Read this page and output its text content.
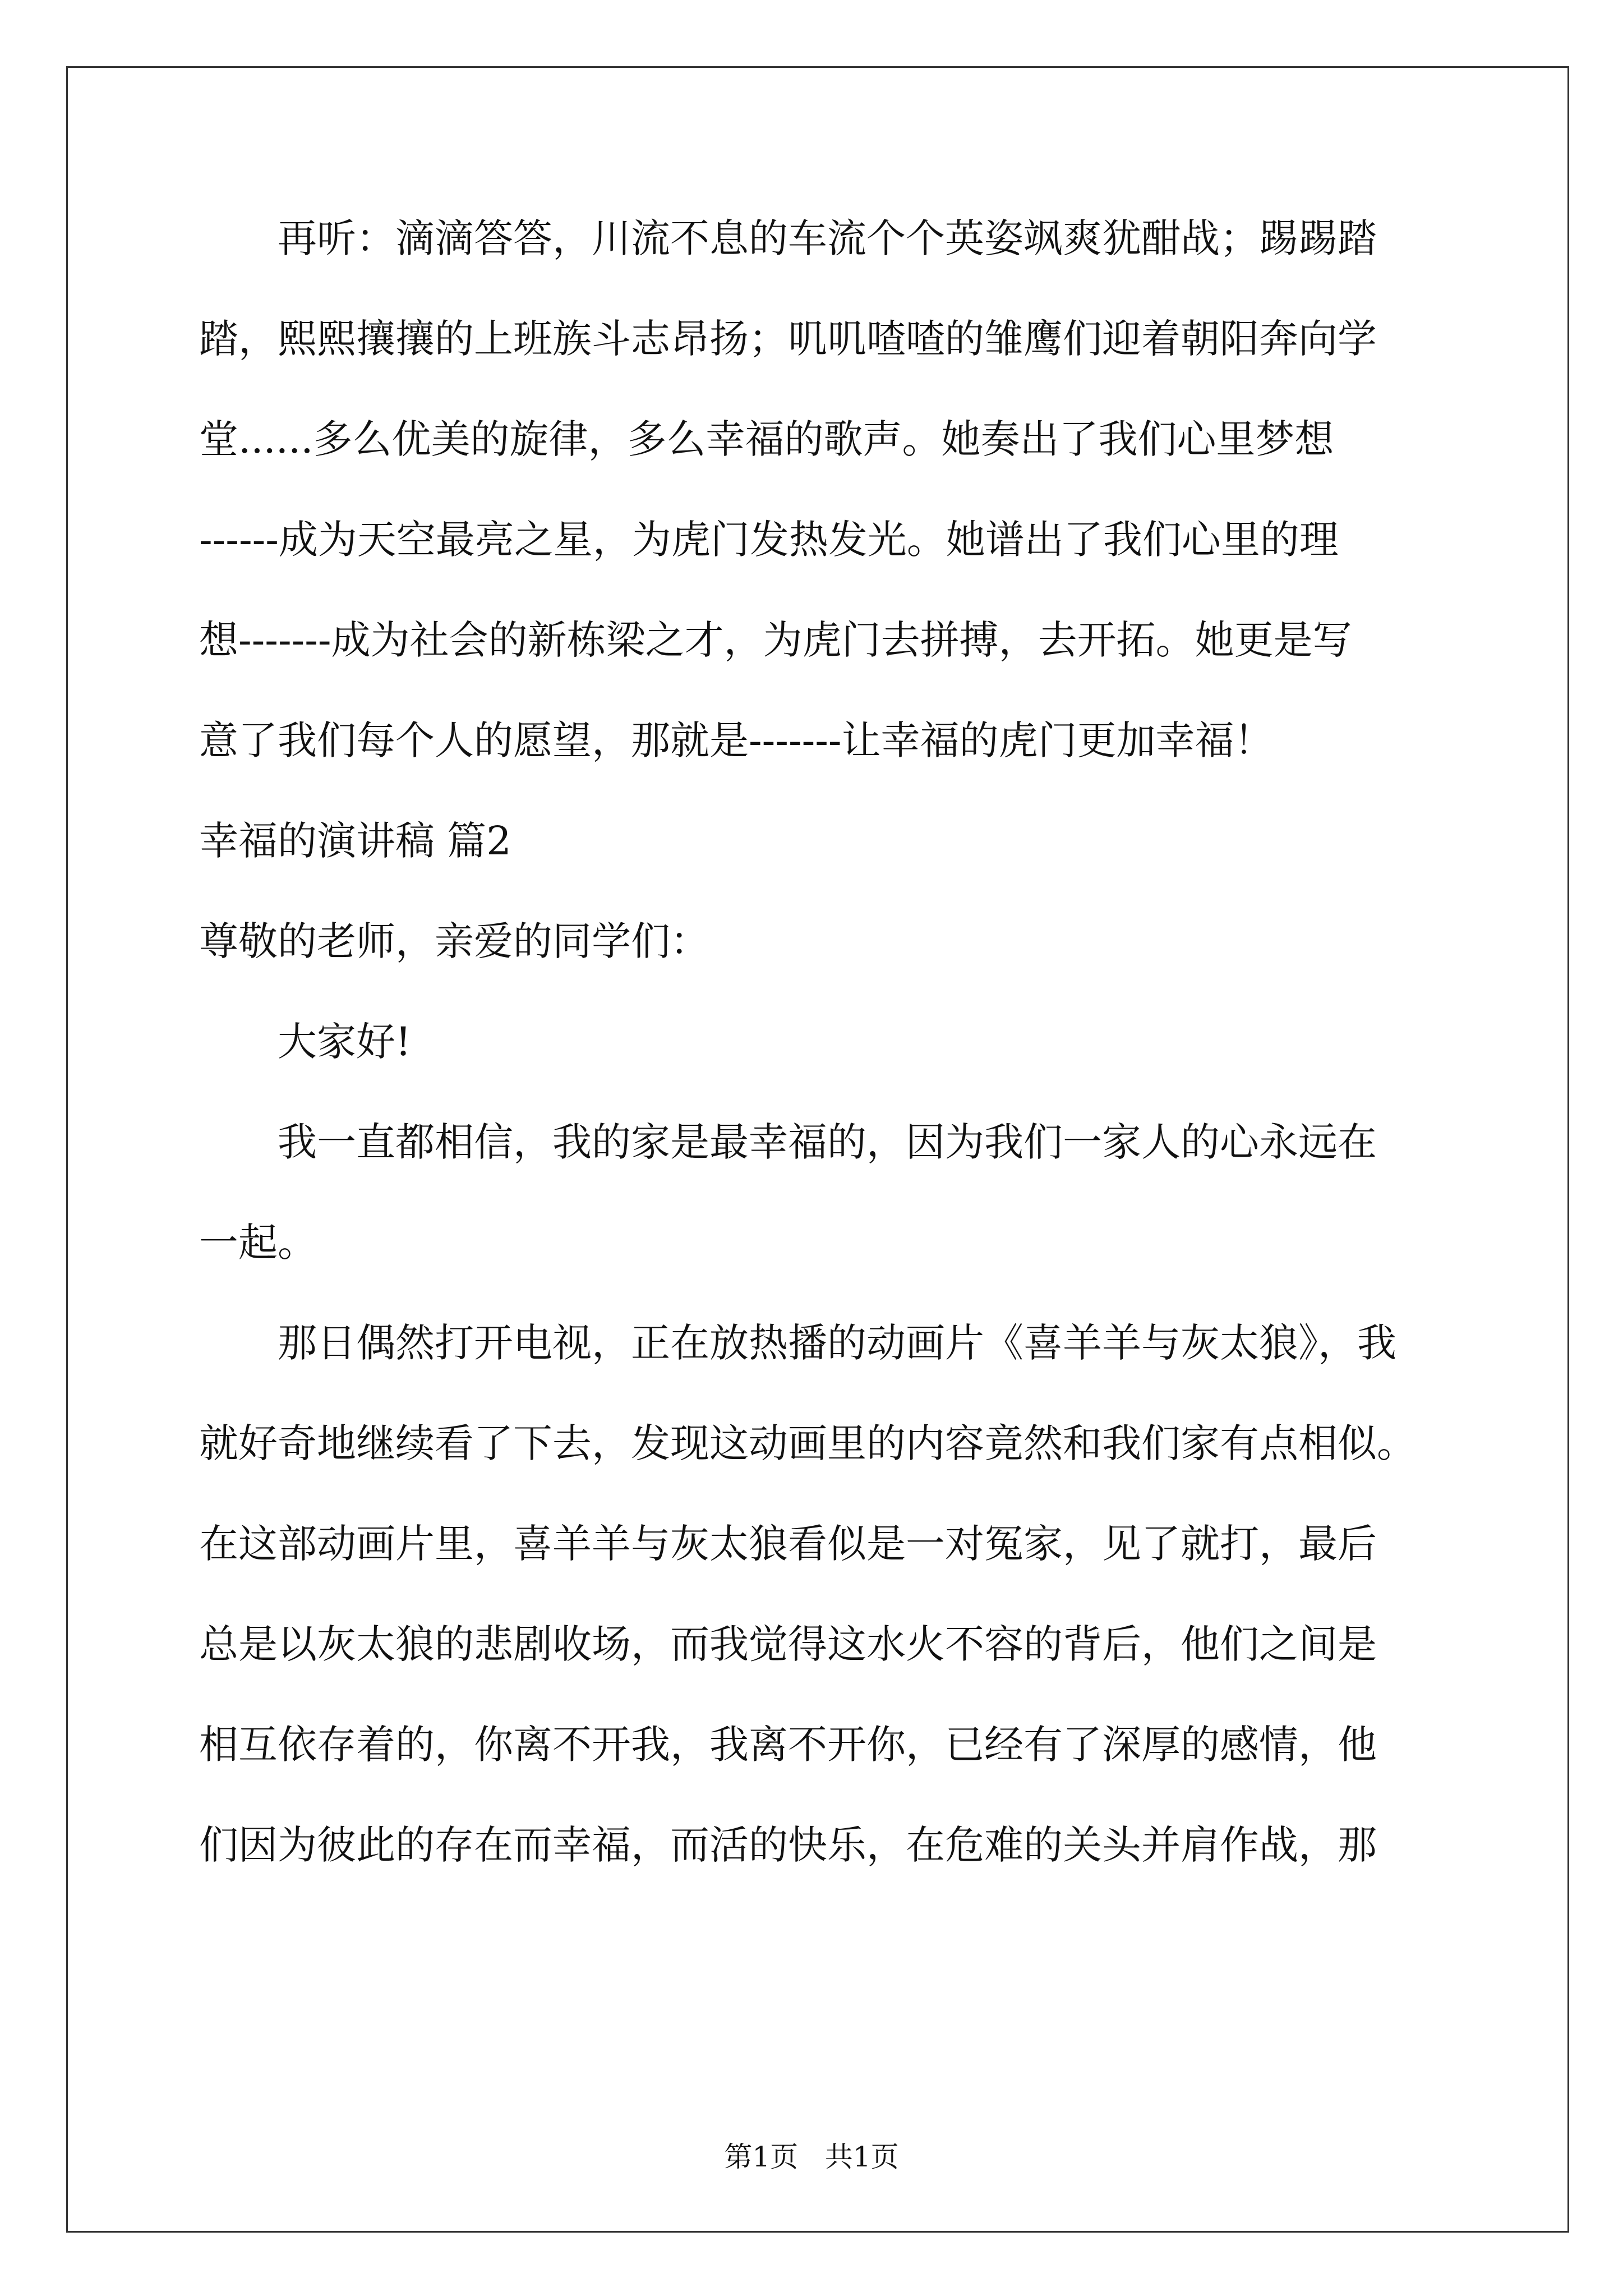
再听：滴滴答答，川流不息的车流个个英姿飒爽犹酣战；踢踢踏
踏，熙熙攘攘的上班族斗志昂扬；叽叽喳喳的雏鹰们迎着朝阳奔向学
堂......多么优美的旋律，多么幸福的歌声。她奏出了我们心里梦想
------成为天空最亮之星，为虎门发热发光。她谱出了我们心里的理
想-------成为社会的新栋梁之才，为虎门去拼搏，去开拓。她更是写
意了我们每个人的愿望，那就是-------让幸福的虎门更加幸福！
幸福的演讲稿 篇2
尊敬的老师，亲爱的同学们：
大家好!
我一直都相信，我的家是最幸福的，因为我们一家人的心永远在
一起。
那日偶然打开电视，正在放热播的动画片《喜羊羊与灰太狼》，我
就好奇地继续看了下去，发现这动画里的内容竟然和我们家有点相似。
在这部动画片里，喜羊羊与灰太狼看似是一对冤家，见了就打，最后
总是以灰太狼的悲剧收场，而我觉得这水火不容的背后，他们之间是
相互依存着的，你离不开我，我离不开你，已经有了深厚的感情，他
们因为彼此的存在而幸福，而活的快乐，在危难的关头并肩作战，那
第1页   共1页
